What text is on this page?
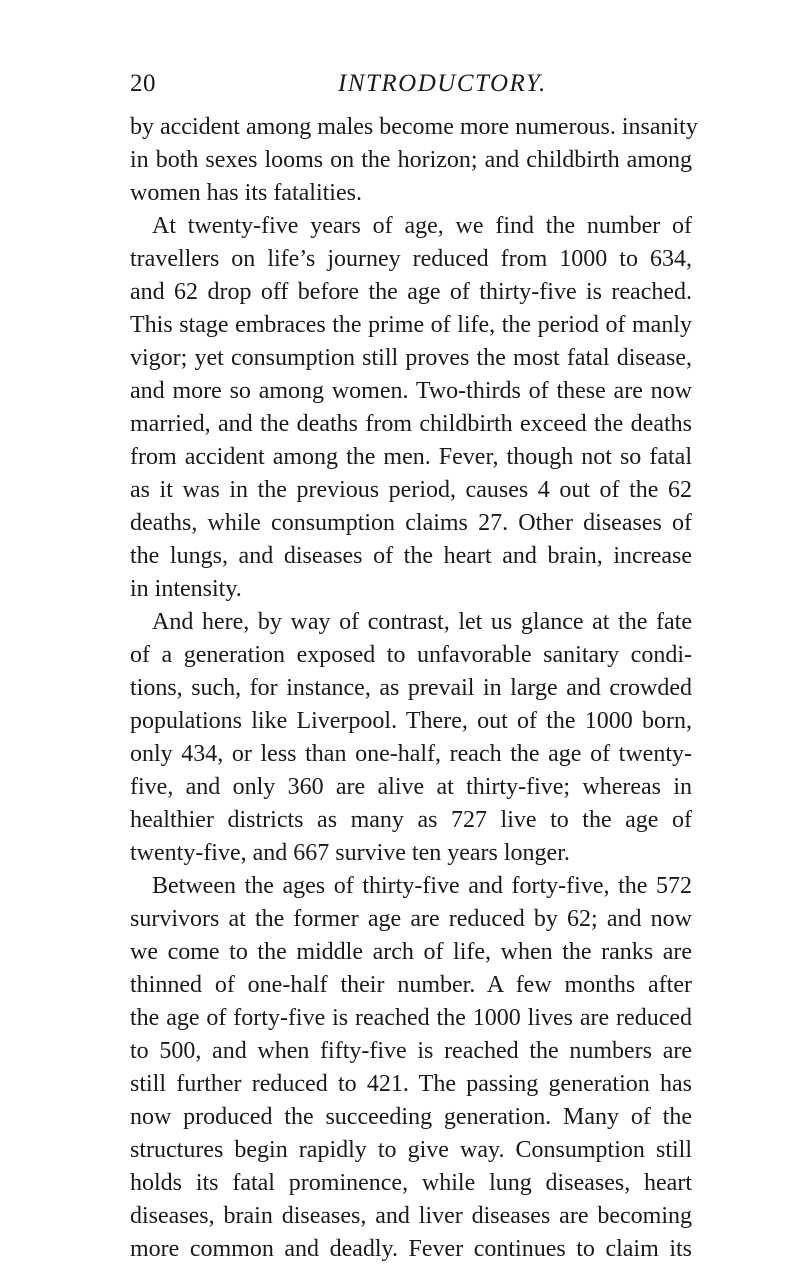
20	INTRODUCTORY.
by accident among males become more numerous. insanity
in both sexes looms on the horizon; and childbirth among
women has its fatalities.
At twenty-five years of age, we find the number of
travellers on life’s journey reduced from 1000 to 634,
and 62 drop off before the age of thirty-five is reached.
This stage embraces the prime of life, the period of manly
vigor; yet consumption still proves the most fatal disease,
and more so among women. Two-thirds of these are now
married, and the deaths from childbirth exceed the deaths
from accident among the men. Fever, though not so fatal
as it was in the previous period, causes 4 out of the 62
deaths, while consumption claims 27. Other diseases of
the lungs, and diseases of the heart and brain, increase
in intensity.
And here, by way of contrast, let us glance at the fate
of a generation exposed to unfavorable sanitary condi-
tions, such, for instance, as prevail in large and crowded
populations like Liverpool. There, out of the 1000 born,
only 434, or less than one-half, reach the age of twenty-
five, and only 360 are alive at thirty-five; whereas in
healthier districts as many as 727 live to the age of
twenty-five, and 667 survive ten years longer.
Between the ages of thirty-five and forty-five, the 572
survivors at the former age are reduced by 62; and now
we come to the middle arch of life, when the ranks are
thinned of one-half their number. A few months after
the age of forty-five is reached the 1000 lives are reduced
to 500, and when fifty-five is reached the numbers are
still further reduced to 421. The passing generation has
now produced the succeeding generation. Many of the
structures begin rapidly to give way. Consumption still
holds its fatal prominence, while lung diseases, heart
diseases, brain diseases, and liver diseases are becoming
more common and deadly. Fever continues to claim its
